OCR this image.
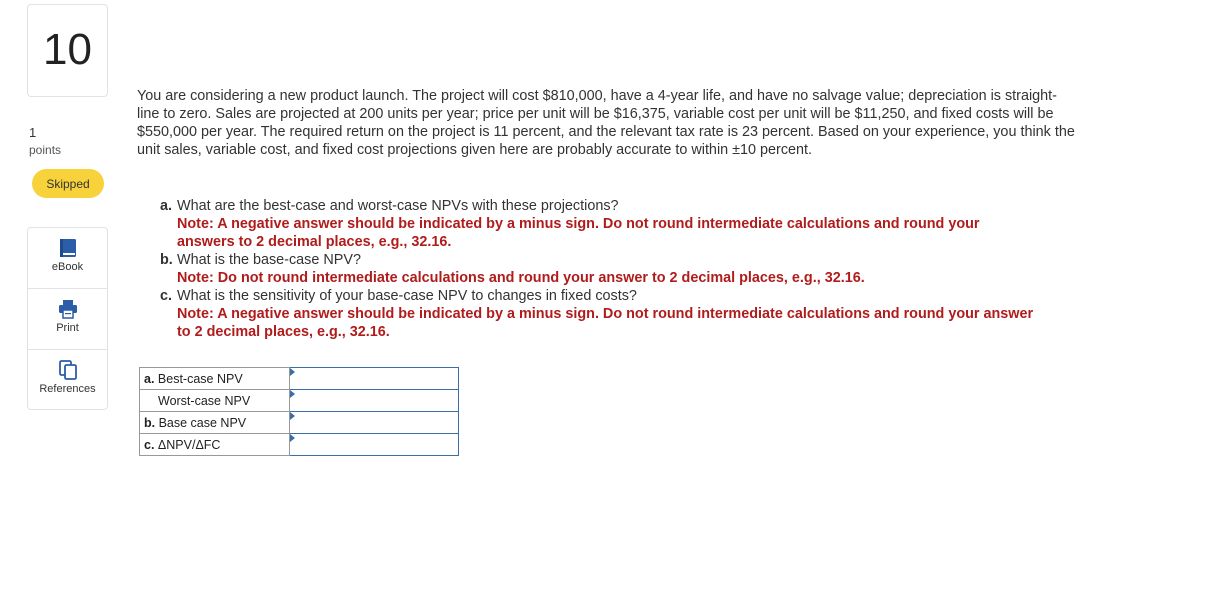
10
1
points
Skipped
eBook
Print
References
You are considering a new product launch. The project will cost $810,000, have a 4-year life, and have no salvage value; depreciation is straight-line to zero. Sales are projected at 200 units per year; price per unit will be $16,375, variable cost per unit will be $11,250, and fixed costs will be $550,000 per year. The required return on the project is 11 percent, and the relevant tax rate is 23 percent. Based on your experience, you think the unit sales, variable cost, and fixed cost projections given here are probably accurate to within ±10 percent.
a. What are the best-case and worst-case NPVs with these projections?
Note: A negative answer should be indicated by a minus sign. Do not round intermediate calculations and round your answers to 2 decimal places, e.g., 32.16.
b. What is the base-case NPV?
Note: Do not round intermediate calculations and round your answer to 2 decimal places, e.g., 32.16.
c. What is the sensitivity of your base-case NPV to changes in fixed costs?
Note: A negative answer should be indicated by a minus sign. Do not round intermediate calculations and round your answer to 2 decimal places, e.g., 32.16.
a. Best-case NPV	

Worst-case NPV	

b. Base case NPV	

c. ΔNPV/ΔFC	
